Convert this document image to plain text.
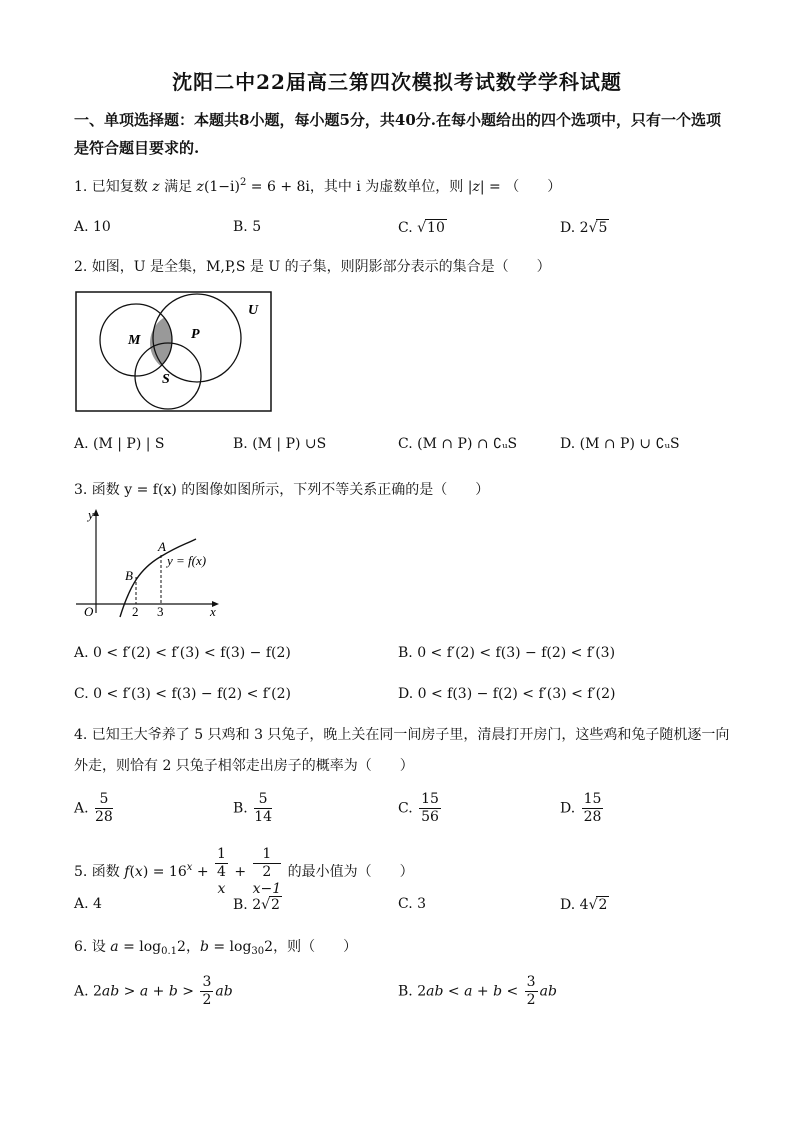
沈阳二中22届高三第四次模拟考试数学学科试题
一、单项选择题：本题共8小题，每小题5分，共40分.在每小题给出的四个选项中，只有一个选项是符合题目要求的.
1. 已知复数 z 满足 $z(1-i)^2 = 6 + 8i$，其中 i 为虚数单位，则 |z| = （　　）
A. 10	B. 5	C. √10	D. 2√5
2. 如图，U 是全集，M,P,S 是 U 的子集，则阴影部分表示的集合是（　　）
M	P
S
U
A. (M | P) | S	B. (M | P) ∪S	C. (M ∩ P) ∩ ∁ᵤS	D. (M ∩ P) ∪ ∁ᵤS
3. 函数 y = f(x) 的图像如图所示，下列不等关系正确的是（　　）
y
x
O
A
B
2 3
y = f(x)
A. 0 < f′(2) < f′(3) < f(3) − f(2)	B. 0 < f′(2) < f(3) − f(2) < f′(3)
C. 0 < f′(3) < f(3) − f(2) < f′(2)	D. 0 < f(3) − f(2) < f′(3) < f′(2)
4. 已知王大爷养了 5 只鸡和 3 只兔子，晚上关在同一间房子里，清晨打开房门，这些鸡和兔子随机逐一向
外走，则恰有 2 只兔子相邻走出房子的概率为（　　）
A. $\frac{5}{28}$	B. $\frac{5}{14}$	C. $\frac{15}{56}$	D. $\frac{15}{28}$
5. 函数 $f(x) = 16^x + 1$
4
x + 1
2
x−1 的最小值为（　　）
A. 4	B. 2√2	C. 3	D. 4√2
6. 设 $a = \log_{0.1}2$，$b = \log_{30}2$，则（　　）
A. $2ab > a + b > \frac{3}{2}$ ab	B. $2ab < a + b < \frac{3}{2}$ ab
